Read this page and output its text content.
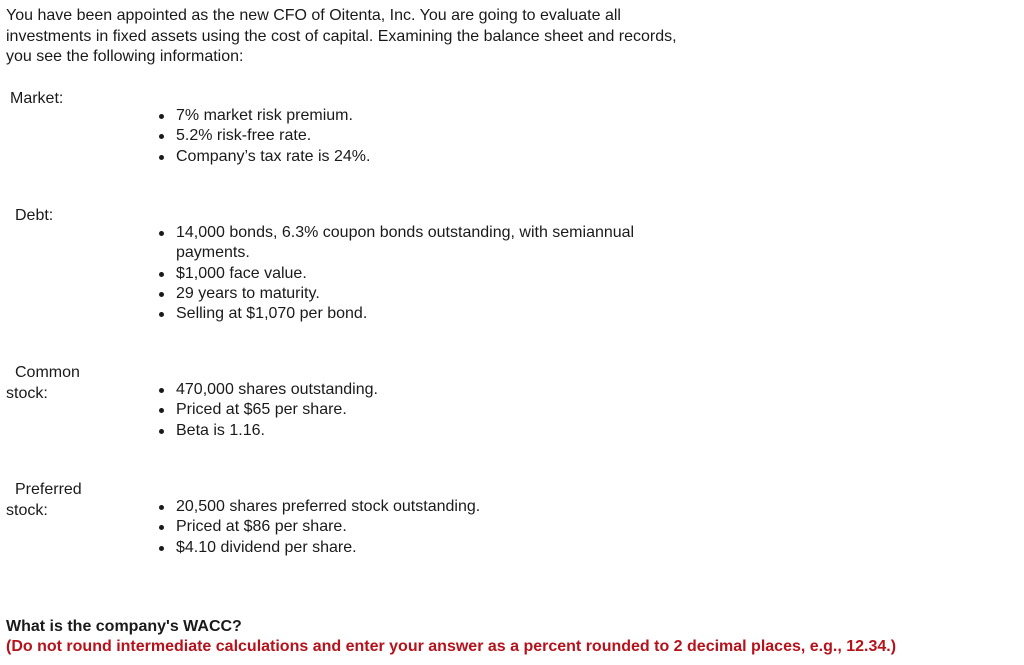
You have been appointed as the new CFO of Oitenta, Inc. You are going to evaluate all investments in fixed assets using the cost of capital. Examining the balance sheet and records, you see the following information:

Market:

7% market risk premium.
5.2% risk-free rate.
Company’s tax rate is 24%.

Debt:

14,000 bonds, 6.3% coupon bonds outstanding, with semiannual payments.
$1,000 face value.
29 years to maturity.
Selling at $1,070 per bond.

Common
stock:	470,000 shares outstanding.
Priced at $65 per share.
Beta is 1.16.

Preferred
stock:	20,500 shares preferred stock outstanding.
Priced at $86 per share.
$4.10 dividend per share.

What is the company's WACC?

(Do not round intermediate calculations and enter your answer as a percent rounded to 2 decimal places, e.g., 12.34.)
